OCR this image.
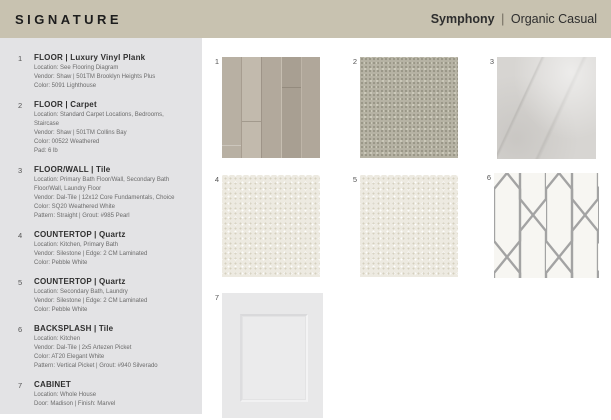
SIGNATURE	Symphony | Organic Casual
1	FLOOR | Luxury Vinyl Plank
Location: See Flooring Diagram
Vendor: Shaw | 501TM Brooklyn Heights Plus
Color: 5091 Lighthouse
2	FLOOR | Carpet
Location: Standard Carpet Locations, Bedrooms, Staircase
Vendor: Shaw | 501TM Collins Bay
Color: 00522 Weathered
Pad: 6 lb
3	FLOOR/WALL | Tile
Location: Primary Bath Floor/Wall, Secondary Bath Floor/Wall, Laundry Floor
Vendor: Dal-Tile | 12x12 Core Fundamentals, Choice
Color: SQ20 Weathered White
Pattern: Straight | Grout: #985 Pearl
4	COUNTERTOP | Quartz
Location: Kitchen, Primary Bath
Vendor: Silestone | Edge: 2 CM Laminated
Color: Pebble White
5	COUNTERTOP | Quartz
Location: Secondary Bath, Laundry
Vendor: Silestone | Edge: 2 CM Laminated
Color: Pebble White
6	BACKSPLASH | Tile
Location: Kitchen
Vendor: Dal-Tile | 2x5 Artezen Picket
Color: AT20 Elegant White
Pattern: Vertical Picket | Grout: #940 Silverado
7	CABINET
Location: Whole House
Door: Madison | Finish: Marvel
1	2	3
4	5	6
7
